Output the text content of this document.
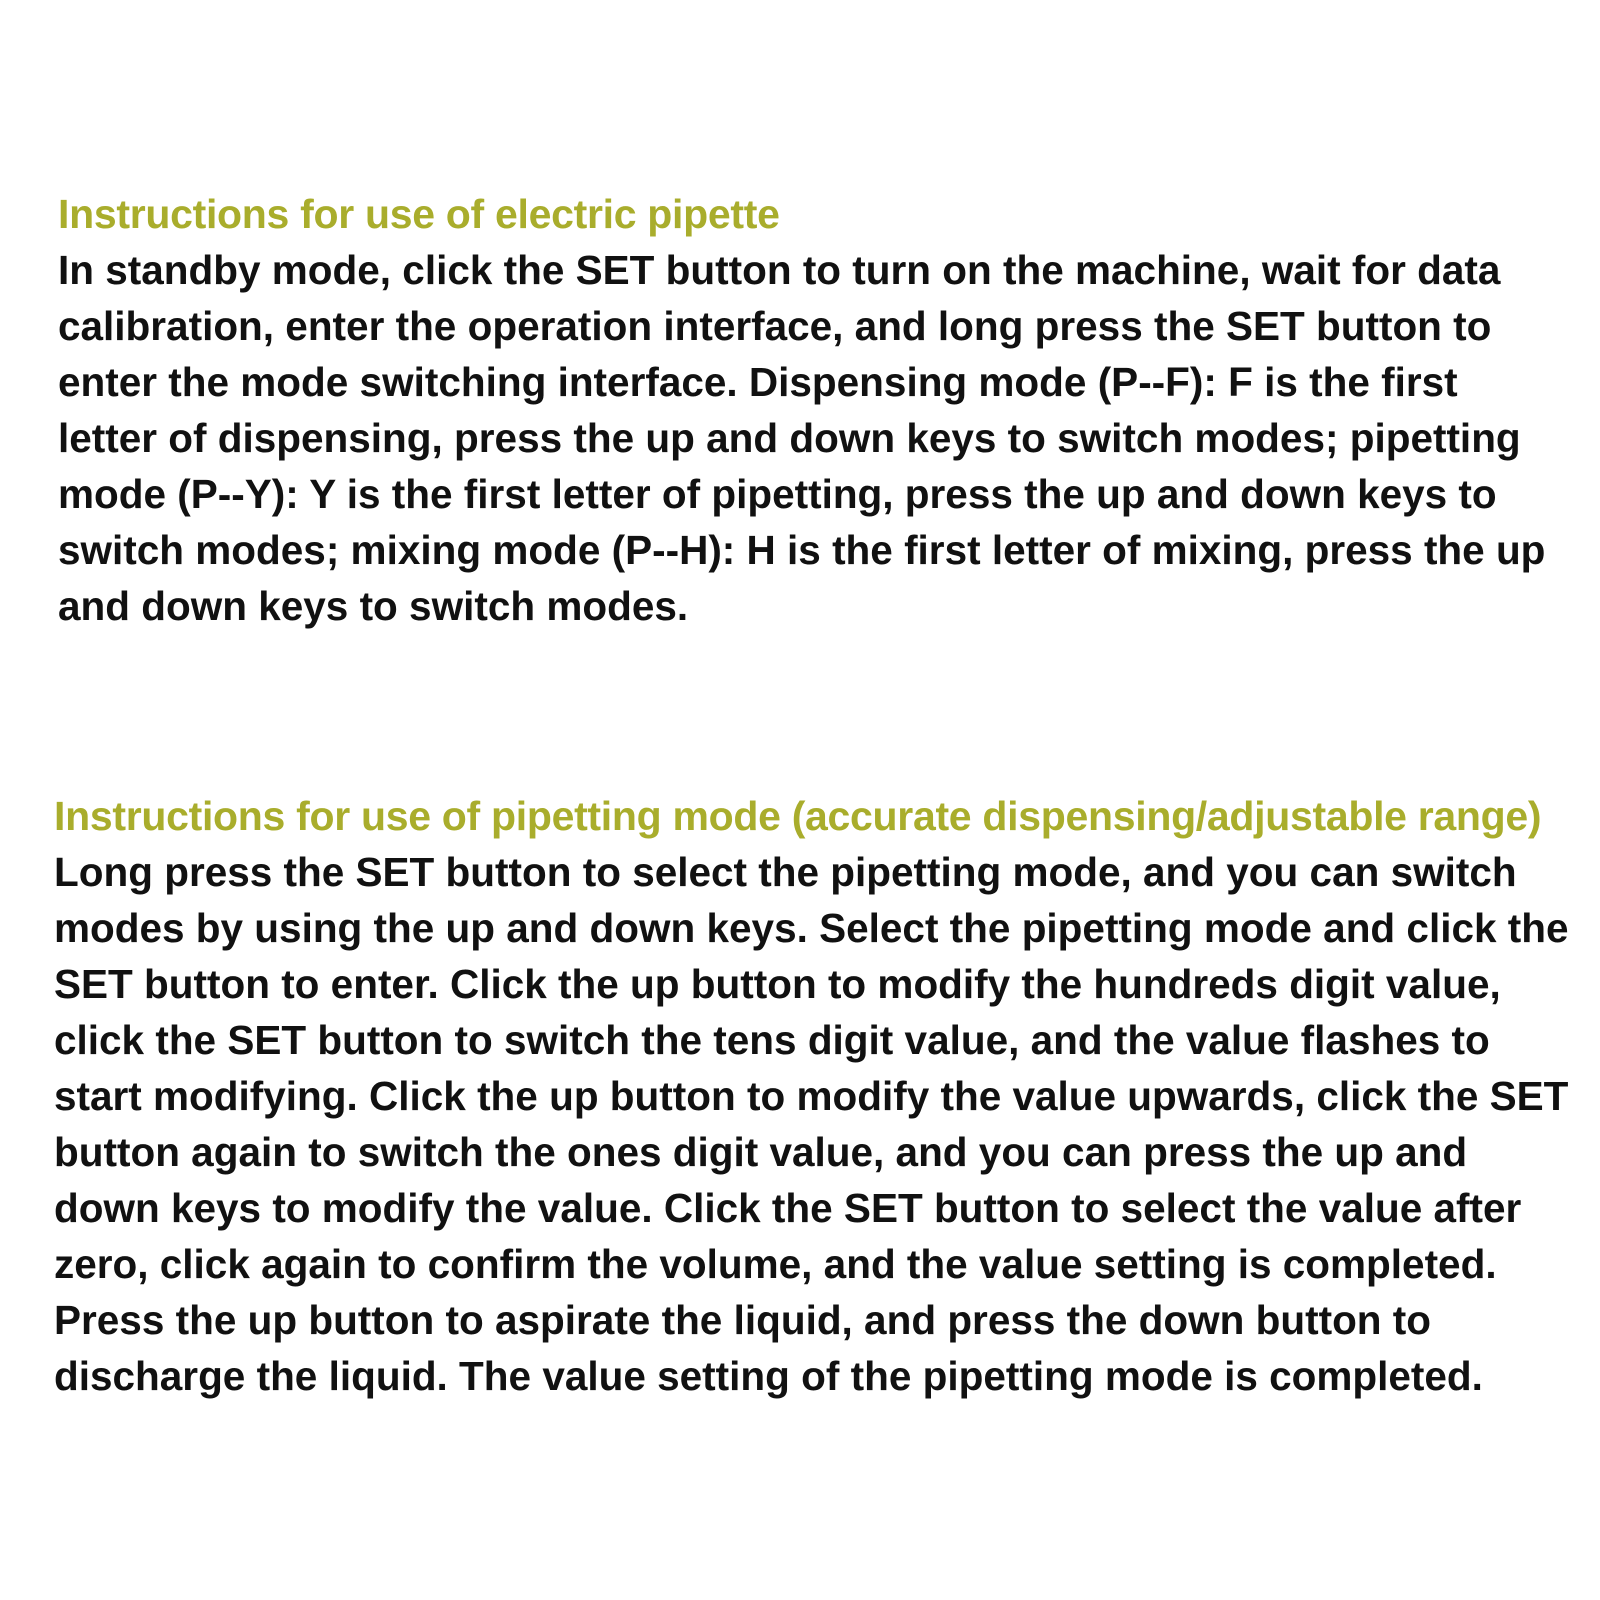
Instructions for use of electric pipette

In standby mode, click the SET button to turn on the machine, wait for data
calibration, enter the operation interface, and long press the SET button to
enter the mode switching interface. Dispensing mode (P--F): F is the first
letter of dispensing, press the up and down keys to switch modes; pipetting
mode (P--Y): Y is the first letter of pipetting, press the up and down keys to
switch modes; mixing mode (P--H): H is the first letter of mixing, press the up
and down keys to switch modes.

Instructions for use of pipetting mode (accurate dispensing/adjustable range)

Long press the SET button to select the pipetting mode, and you can switch
modes by using the up and down keys. Select the pipetting mode and click the
SET button to enter. Click the up button to modify the hundreds digit value,
click the SET button to switch the tens digit value, and the value flashes to
start modifying. Click the up button to modify the value upwards, click the SET
button again to switch the ones digit value, and you can press the up and
down keys to modify the value. Click the SET button to select the value after
zero, click again to confirm the volume, and the value setting is completed.
Press the up button to aspirate the liquid, and press the down button to
discharge the liquid. The value setting of the pipetting mode is completed.
